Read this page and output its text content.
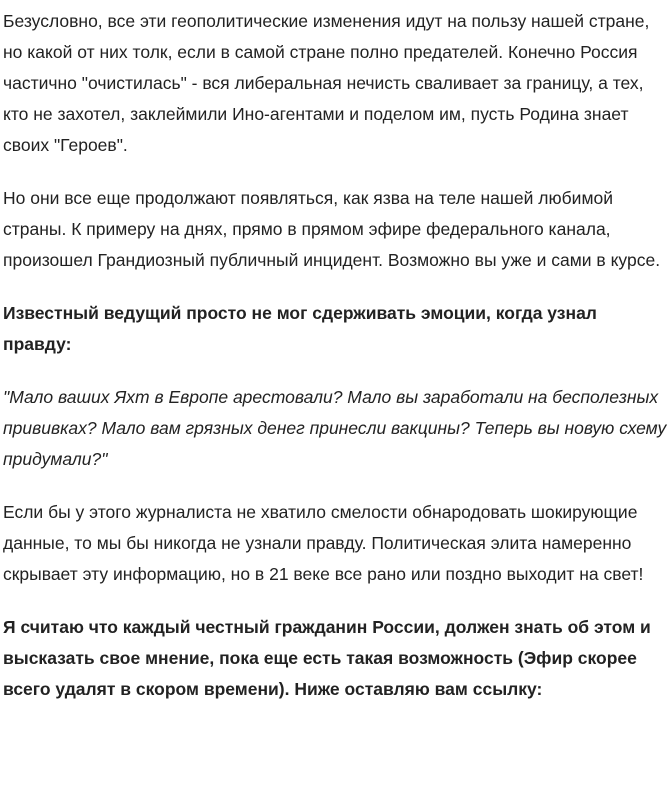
Безусловно, все эти геополитические изменения идут на пользу нашей стране, но какой от них толк, если в самой стране полно предателей. Конечно Россия частично "очистилась" - вся либеральная нечисть сваливает за границу, а тех, кто не захотел, заклеймили Ино-агентами и поделом им, пусть Родина знает своих "Героев".

Но они все еще продолжают появляться, как язва на теле нашей любимой страны. К примеру на днях, прямо в прямом эфире федерального канала, произошел Грандиозный публичный инцидент. Возможно вы уже и сами в курсе.

Известный ведущий просто не мог сдерживать эмоции, когда узнал правду:

"Мало ваших Яхт в Европе арестовали? Мало вы заработали на бесполезных прививках? Мало вам грязных денег принесли вакцины? Теперь вы новую схему придумали?"

Если бы у этого журналиста не хватило смелости обнародовать шокирующие данные, то мы бы никогда не узнали правду. Политическая элита намеренно скрывает эту информацию, но в 21 веке все рано или поздно выходит на свет!

Я считаю что каждый честный гражданин России, должен знать об этом и высказать свое мнение, пока еще есть такая возможность (Эфир скорее всего удалят в скором времени). Ниже оставляю вам ссылку:
